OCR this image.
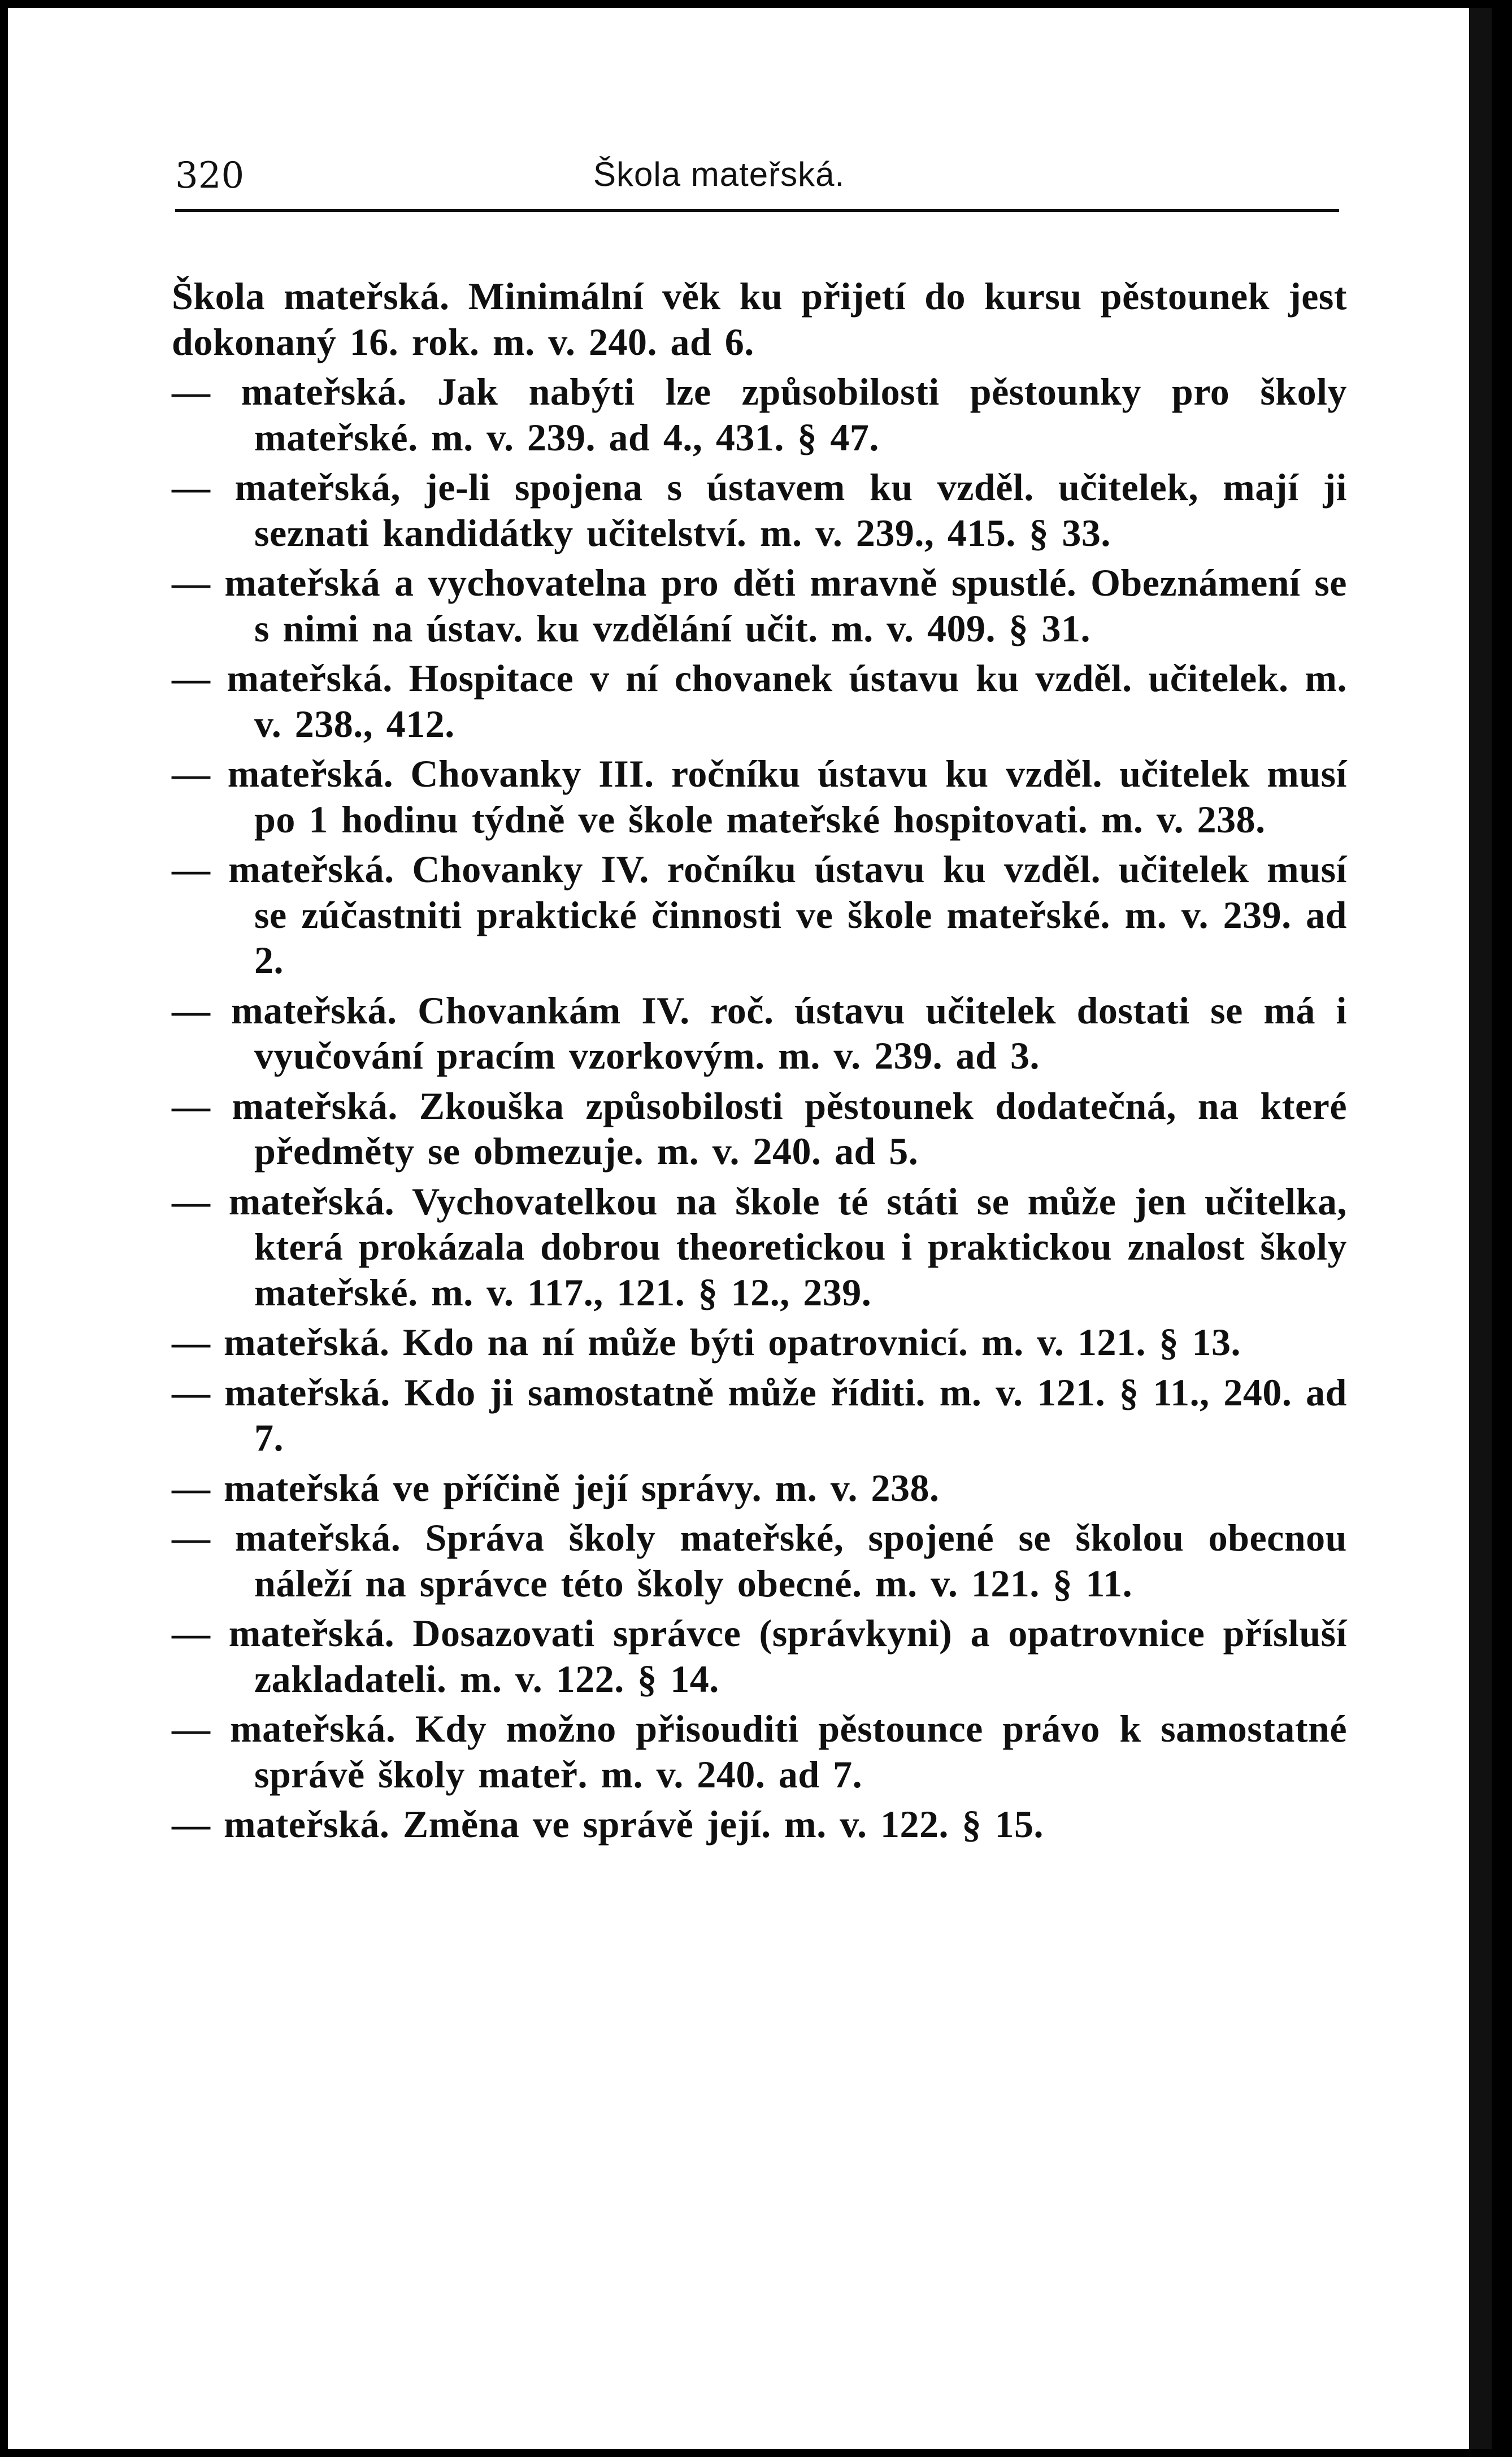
320	Škola mateřská.

Škola mateřská. Minimální věk ku přijetí do kursu pěstounek jest dokonaný 16. rok. m. v. 240. ad 6.

— mateřská. Jak nabýti lze způsobilosti pěstounky pro školy mateřské. m. v. 239. ad 4., 431. § 47.

— mateřská, je-li spojena s ústavem ku vzděl. učitelek, mají ji seznati kandidátky učitelství. m. v. 239., 415. § 33.

— mateřská a vychovatelna pro děti mravně spustlé. Obeznámení se s nimi na ústav. ku vzdělání učit. m. v. 409. § 31.

— mateřská. Hospitace v ní chovanek ústavu ku vzděl. učitelek. m. v. 238., 412.

— mateřská. Chovanky III. ročníku ústavu ku vzděl. učitelek musí po 1 hodinu týdně ve škole mateřské hospitovati. m. v. 238.

— mateřská. Chovanky IV. ročníku ústavu ku vzděl. učitelek musí se zúčastniti praktické činnosti ve škole mateřské. m. v. 239. ad 2.

— mateřská. Chovankám IV. roč. ústavu učitelek dostati se má i vyučování pracím vzorkovým. m. v. 239. ad 3.

— mateřská. Zkouška způsobilosti pěstounek dodatečná, na které předměty se obmezuje. m. v. 240. ad 5.

— mateřská. Vychovatelkou na škole té státi se může jen učitelka, která prokázala dobrou theoretickou i praktickou znalost školy mateřské. m. v. 117., 121. § 12., 239.

— mateřská. Kdo na ní může býti opatrovnicí. m. v. 121. § 13.

— mateřská. Kdo ji samostatně může říditi. m. v. 121. § 11., 240. ad 7.

— mateřská ve příčině její správy. m. v. 238.

— mateřská. Správa školy mateřské, spojené se školou obecnou náleží na správce této školy obecné. m. v. 121. § 11.

— mateřská. Dosazovati správce (správkyni) a opatrovnice přísluší zakladateli. m. v. 122. § 14.

— mateřská. Kdy možno přisouditi pěstounce právo k samostatné správě školy mateř. m. v. 240. ad 7.

— mateřská. Změna ve správě její. m. v. 122. § 15.
